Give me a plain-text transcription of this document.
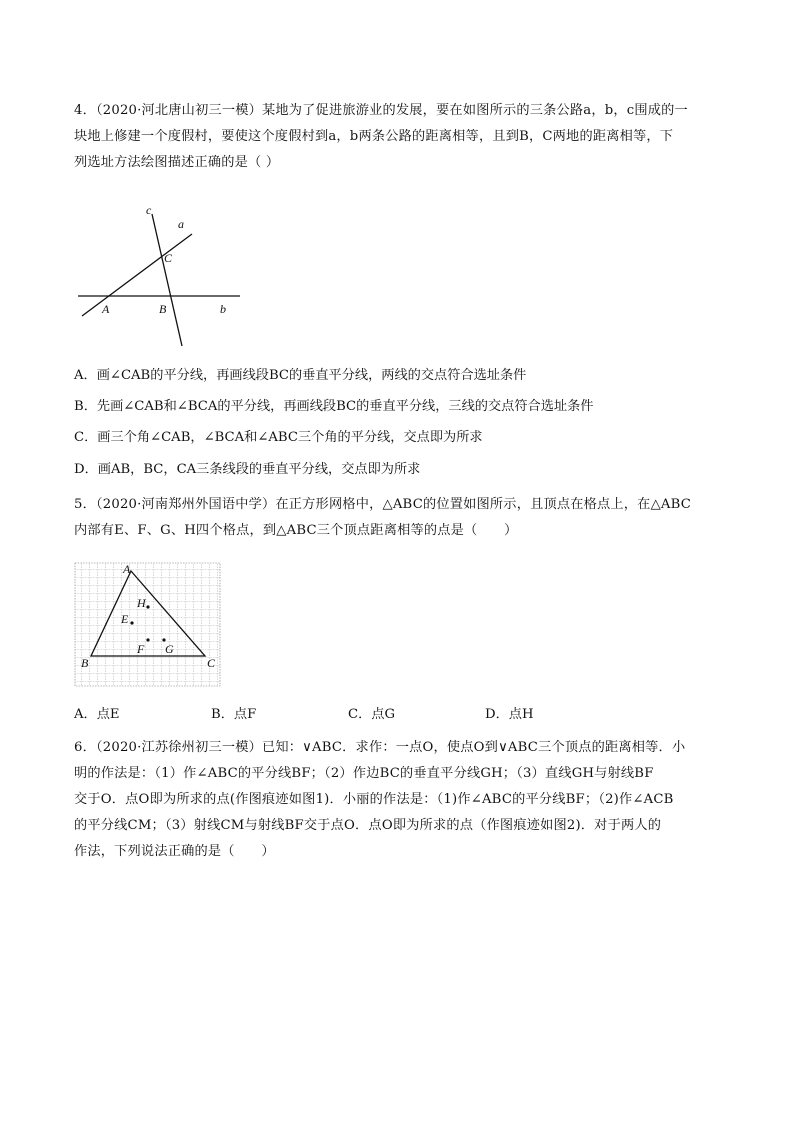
4．（2020·河北唐山初三一模）某地为了促进旅游业的发展，要在如图所示的三条公路a，b，c围成的一

块地上修建一个度假村，要使这个度假村到a，b两条公路的距离相等，且到B，C两地的距离相等，下

列选址方法绘图描述正确的是（ ）

c
a
C
A	B	b
A．画∠CAB的平分线，再画线段BC的垂直平分线，两线的交点符合选址条件
B．先画∠CAB和∠BCA的平分线，再画线段BC的垂直平分线，三线的交点符合选址条件
C．画三个角∠CAB，∠BCA和∠ABC三个角的平分线，交点即为所求
D．画AB，BC，CA三条线段的垂直平分线，交点即为所求

5．（2020·河南郑州外国语中学）在正方形网格中，△ABC的位置如图所示，且顶点在格点上，在△ABC

内部有E、F、G、H四个格点，到△ABC三个顶点距离相等的点是（　　）

A
H
E
F G
B	C
A．点E	B．点F	C．点G	D．点H

6．（2020·江苏徐州初三一模）已知：∨ABC．求作：一点O，使点O到∨ABC三个顶点的距离相等．小

明的作法是：（1）作∠ABC的平分线BF；（2）作边BC的垂直平分线GH；（3）直线GH与射线BF

交于O．点O即为所求的点(作图痕迹如图1)．小丽的作法是：（1)作∠ABC的平分线BF；（2)作∠ACB

的平分线CM；（3）射线CM与射线BF交于点O．点O即为所求的点（作图痕迹如图2)．对于两人的

作法，下列说法正确的是（　　）
